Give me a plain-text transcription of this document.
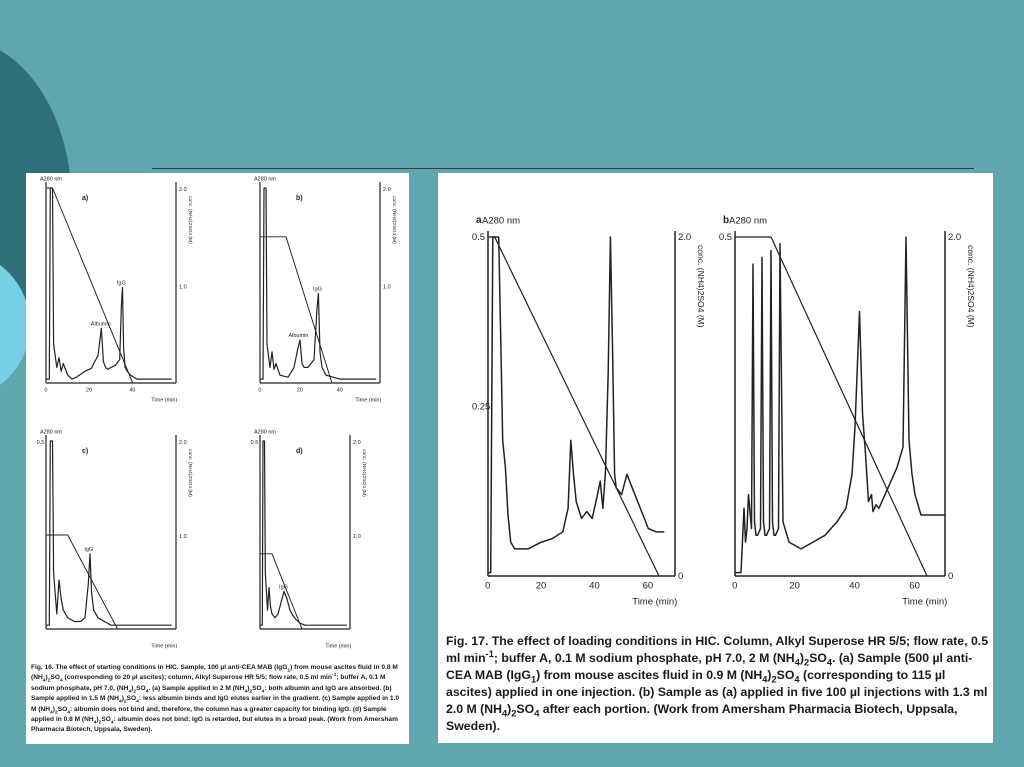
a)
0	20	40
Time (min)
2.0
1.0
A280 nm
conc. (NH4)2SO4 (M)
Albumin
IgG
b)
0	20	40
Time (min)
2.0
1.0
A280 nm
conc. (NH4)2SO4 (M)
Albumin
IgG
c)
Time (min)
0.5	2.0
1.0
A280 nm
conc. (NH4)2SO4 (M)
IgG
d)
Time (min)
0.5	2.0
1.0
A280 nm
conc. (NH4)2SO4 (M)
IgG

Fig. 16. The effect of starting conditions in HIC. Sample, 100 µl anti-CEA MAB (IgG$_1$) from mouse ascites fluid in 0.8 M $(NH_4)_2SO_4$ (corresponding to 20 µl ascites); column, Alkyl Superose HR 5/5; flow rate, 0.5 ml $\min^{-1}$; buffer A, 0.1 M sodium phosphate, pH 7.0, $(NH_4)_2SO_4$. (a) Sample applied in 2 M $(NH_4)_2SO_4$: both albumin and IgG are absorbed. (b) Sample applied in 1.5 M $(NH_4)_2SO_4$: less albumin binds and IgG elutes earlier in the gradient. (c) Sample applied in 1.0 M $(NH_4)_2SO_4$: albumin does not bind and, therefore, the column has a greater capacity for binding IgG. (d) Sample applied in 0.8 M $(NH_4)_2SO_4$: albumin does not bind; IgG is retarded, but elutes in a broad peak. (Work from Amersham Pharmacia Biotech, Uppsala, Sweden).

a
0	20	40	60
Time (min)
0.5
0.25
2.0
0
A280 nm
conc. (NH4)2SO4 (M)
b
0	20	40	60
Time (min)
0.5	2.0
0
A280 nm
conc. (NH4)2SO4 (M)

Fig. 17. The effect of loading conditions in HIC. Column, Alkyl Superose HR 5/5; flow rate, 0.5 ml $\min^{-1}$; buffer A, 0.1 M sodium phosphate, pH 7.0, 2 M $(NH_4)_2SO_4$. (a) Sample (500 µl anti-CEA MAB (IgG$_1$) from mouse ascites fluid in 0.9 M $(NH_4)_2SO_4$ (corresponding to 115 µl ascites) applied in one injection. (b) Sample as (a) applied in five 100 µl injections with 1.3 ml 2.0 M $(NH_4)_2SO_4$ after each portion. (Work from Amersham Pharmacia Biotech, Uppsala, Sweden).
